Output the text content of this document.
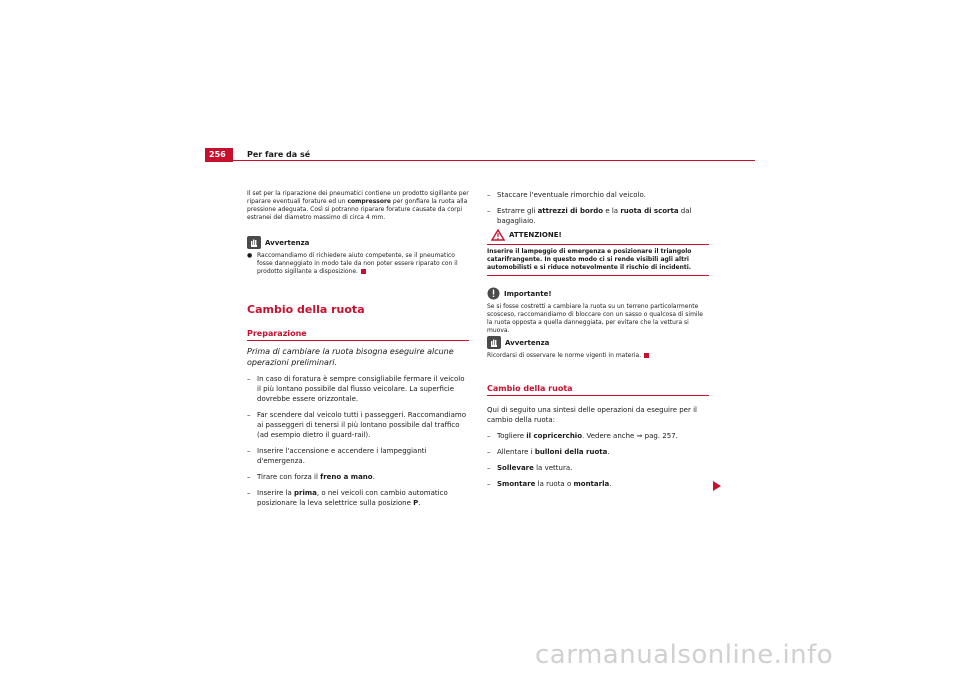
256	Per fare da sé
Il set per la riparazione dei pneumatici contiene un prodotto sigillante per riparare eventuali forature ed un compressore per gonfiare la ruota alla pressione adeguata. Così si potranno riparare forature causate da corpi estranei del diametro massimo di circa 4 mm.
Avvertenza
● Raccomandiamo di richiedere aiuto competente, se il pneumatico fosse danneggiato in modo tale da non poter essere riparato con il prodotto sigillante a disposizione.
Cambio della ruota
Preparazione
Prima di cambiare la ruota bisogna eseguire alcune operazioni preliminari.
– In caso di foratura è sempre consigliabile fermare il veicolo il più lontano possibile dal flusso veicolare. La superficie dovrebbe essere orizzontale.
– Far scendere dal veicolo tutti i passeggeri. Raccomandiamo ai passeggeri di tenersi il più lontano possibile dal traffico (ad esempio dietro il guard-rail).
– Inserire l'accensione e accendere i lampeggianti d'emergenza.
– Tirare con forza il freno a mano.
– Inserire la prima, o nei veicoli con cambio automatico posizionare la leva selettrice sulla posizione P.
– Staccare l'eventuale rimorchio dal veicolo.
– Estrarre gli attrezzi di bordo e la ruota di scorta dal bagagliaio.
ATTENZIONE!
Inserire il lampeggio di emergenza e posizionare il triangolo catarifrangente. In questo modo ci si rende visibili agli altri automobilisti e si riduce notevolmente il rischio di incidenti.
Importante!
Se si fosse costretti a cambiare la ruota su un terreno particolarmente scosceso, raccomandiamo di bloccare con un sasso o qualcosa di simile la ruota opposta a quella danneggiata, per evitare che la vettura si muova.
Avvertenza
Ricordarsi di osservare le norme vigenti in materia.
Cambio della ruota
Qui di seguito una sintesi delle operazioni da eseguire per il cambio della ruota:
– Togliere il copricerchio. Vedere anche ⇒ pag. 257.
– Allentare i bulloni della ruota.
– Sollevare la vettura.
– Smontare la ruota o montarla.
carmanualsonline.info
